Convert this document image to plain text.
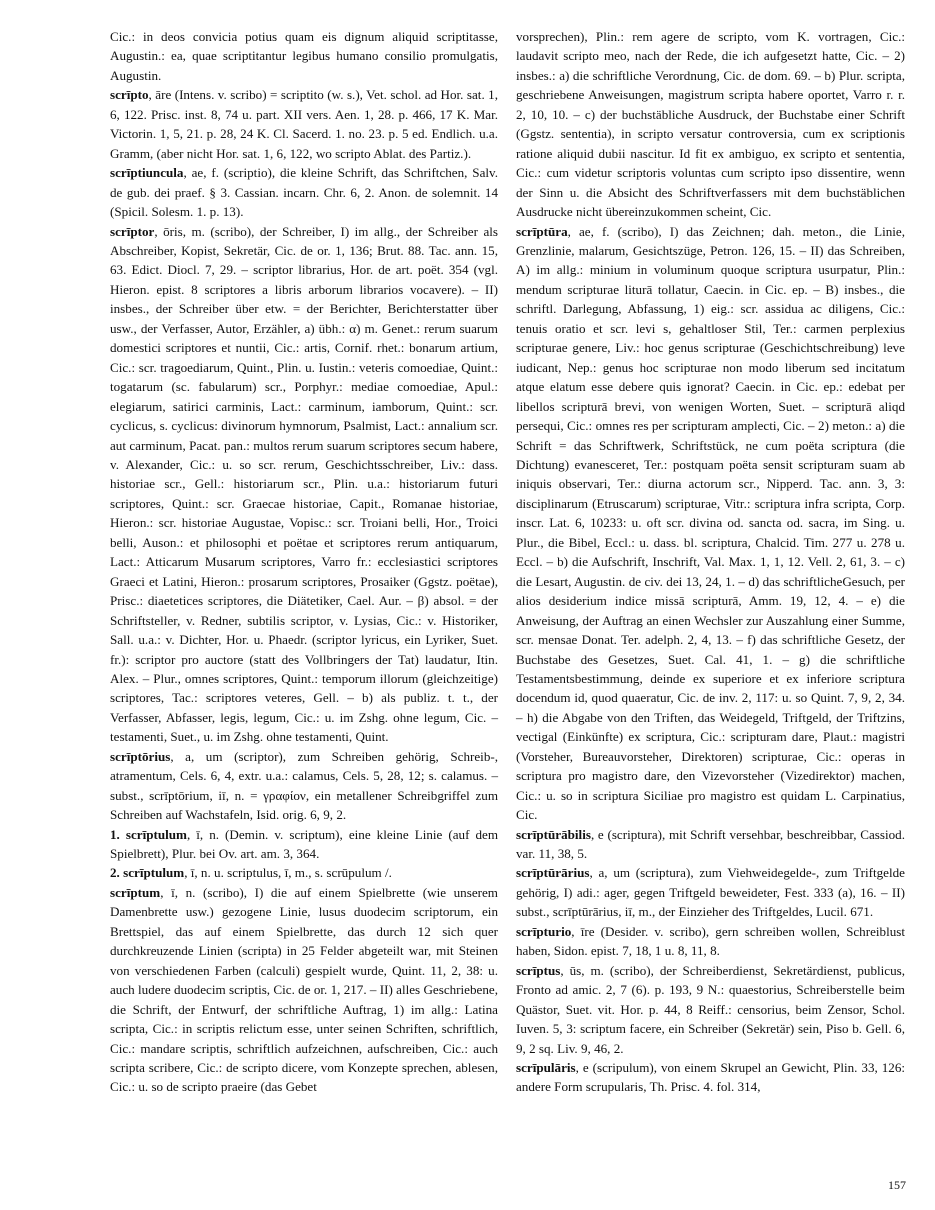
Cic.: in deos convicia potius quam eis dignum aliquid scriptitasse, Augustin.: ea, quae scriptitantur legibus humano consilio promulgatis, Augustin.

scrīpto, āre (Intens. v. scribo) = scriptito (w. s.), Vet. schol. ad Hor. sat. 1, 6, 122. Prisc. inst. 8, 74 u. part. XII vers. Aen. 1, 28. p. 466, 17 K. Mar. Victorin. 1, 5, 21. p. 28, 24 K. Cl. Sacerd. 1. no. 23. p. 5 ed. Endlich. u.a. Gramm, (aber nicht Hor. sat. 1, 6, 122, wo scripto Ablat. des Partiz.).

scrīptiuncula, ae, f. (scriptio), die kleine Schrift, das Schriftchen, Salv. de gub. dei praef. § 3. Cassian. incarn. Chr. 6, 2. Anon. de solemnit. 14 (Spicil. Solesm. 1. p. 13).

scrīptor, ōris, m. (scribo), der Schreiber, I) im allg., der Schreiber als Abschreiber, Kopist, Sekretär, Cic. de or. 1, 136; Brut. 88. Tac. ann. 15, 63. Edict. Diocl. 7, 29. – scriptor librarius, Hor. de art. poët. 354 (vgl. Hieron. epist. 8 scriptores a libris arborum librarios vocavere). – II) insbes., der Schreiber über etw. = der Berichter, Berichterstatter über usw., der Verfasser, Autor, Erzähler, a) übh.: α) m. Genet.: rerum suarum domestici scriptores et nuntii, Cic.: artis, Cornif. rhet.: bonarum artium, Cic.: scr. tragoediarum, Quint., Plin. u. Iustin.: veteris comoediae, Quint.: togatarum (sc. fabularum) scr., Porphyr.: mediae comoediae, Apul.: elegiarum, satirici carminis, Lact.: carminum, iamborum, Quint.: scr. cyclicus, s. cyclicus: divinorum hymnorum, Psalmist, Lact.: annalium scr. aut carminum, Pacat. pan.: multos rerum suarum scriptores secum habere, v. Alexander, Cic.: u. so scr. rerum, Geschichtsschreiber, Liv.: dass. historiae scr., Gell.: historiarum scr., Plin. u.a.: historiarum futuri scriptores, Quint.: scr. Graecae historiae, Capit., Romanae historiae, Hieron.: scr. historiae Augustae, Vopisc.: scr. Troiani belli, Hor., Troici belli, Auson.: et philosophi et poëtae et scriptores rerum antiquarum, Lact.: Atticarum Musarum scriptores, Varro fr.: ecclesiastici scriptores Graeci et Latini, Hieron.: prosarum scriptores, Prosaiker (Ggstz. poëtae), Prisc.: diaetetices scriptores, die Diätetiker, Cael. Aur. – β) absol. = der Schriftsteller, v. Redner, subtilis scriptor, v. Lysias, Cic.: v. Historiker, Sall. u.a.: v. Dichter, Hor. u. Phaedr. (scriptor lyricus, ein Lyriker, Suet. fr.): scriptor pro auctore (statt des Vollbringers der Tat) laudatur, Itin. Alex. – Plur., omnes scriptores, Quint.: temporum illorum (gleichzeitige) scriptores, Tac.: scriptores veteres, Gell. – b) als publiz. t. t., der Verfasser, Abfasser, legis, legum, Cic.: u. im Zshg. ohne legum, Cic. – testamenti, Suet., u. im Zshg. ohne testamenti, Quint.

scrīptōrius, a, um (scriptor), zum Schreiben gehörig, Schreib-, atramentum, Cels. 6, 4, extr. u.a.: calamus, Cels. 5, 28, 12; s. calamus. – subst., scrīptōrium, iī, n. = γραφίον, ein metallener Schreibgriffel zum Schreiben auf Wachstafeln, Isid. orig. 6, 9, 2.

1. scrīptulum, ī, n. (Demin. v. scriptum), eine kleine Linie (auf dem Spielbrett), Plur. bei Ov. art. am. 3, 364.

2. scrīptulum, ī, n. u. scriptulus, ī, m., s. scrūpulum /.

scrīptum, ī, n. (scribo), I) die auf einem Spielbrette (wie unserem Damenbrette usw.) gezogene Linie, lusus duodecim scriptorum, ein Brettspiel, das auf einem Spielbrette, das durch 12 sich quer durchkreuzende Linien (scripta) in 25 Felder abgeteilt war, mit Steinen von verschiedenen Farben (calculi) gespielt wurde, Quint. 11, 2, 38: u. auch ludere duodecim scriptis, Cic. de or. 1, 217. – II) alles Geschriebene, die Schrift, der Entwurf, der schriftliche Auftrag, 1) im allg.: Latina scripta, Cic.: in scriptis relictum esse, unter seinen Schriften, schriftlich, Cic.: mandare scriptis, schriftlich aufzeichnen, aufschreiben, Cic.: auch scripta scribere, Cic.: de scripto dicere, vom Konzepte sprechen, ablesen, Cic.: u. so de scripto praeire (das Gebet

vorsprechen), Plin.: rem agere de scripto, vom K. vortragen, Cic.: laudavit scripto meo, nach der Rede, die ich aufgesetzt hatte, Cic. – 2) insbes.: a) die schriftliche Verordnung, Cic. de dom. 69. – b) Plur. scripta, geschriebene Anweisungen, magistrum scripta habere oportet, Varro r. r. 2, 10, 10. – c) der buchstäbliche Ausdruck, der Buchstabe einer Schrift (Ggstz. sententia), in scripto versatur controversia, cum ex scriptionis ratione aliquid dubii nascitur. Id fit ex ambiguo, ex scripto et sententia, Cic.: cum videtur scriptoris voluntas cum scripto ipso dissentire, wenn der Sinn u. die Absicht des Schriftverfassers mit dem buchstäblichen Ausdrucke nicht übereinzukommen scheint, Cic.

scrīptūra, ae, f. (scribo), I) das Zeichnen; dah. meton., die Linie, Grenzlinie, malarum, Gesichtszüge, Petron. 126, 15. – II) das Schreiben, A) im allg.: minium in voluminum quoque scriptura usurpatur, Plin.: mendum scripturae liturā tollatur, Caecin. in Cic. ep. – B) insbes., die schriftl. Darlegung, Abfassung, 1) eig.: scr. assidua ac diligens, Cic.: tenuis oratio et scr. levi s, gehaltloser Stil, Ter.: carmen perplexius scripturae genere, Liv.: hoc genus scripturae (Geschichtschreibung) leve iudicant, Nep.: genus hoc scripturae non modo liberum sed incitatum atque elatum esse debere quis ignorat? Caecin. in Cic. ep.: edebat per libellos scripturā brevi, von wenigen Worten, Suet. – scripturā aliqd persequi, Cic.: omnes res per scripturam amplecti, Cic. – 2) meton.: a) die Schrift = das Schriftwerk, Schriftstück, ne cum poëta scriptura (die Dichtung) evanesceret, Ter.: postquam poëta sensit scripturam suam ab iniquis observari, Ter.: diurna actorum scr., Nipperd. Tac. ann. 3, 3: disciplinarum (Etruscarum) scripturae, Vitr.: scriptura infra scripta, Corp. inscr. Lat. 6, 10233: u. oft scr. divina od. sancta od. sacra, im Sing. u. Plur., die Bibel, Eccl.: u. dass. bl. scriptura, Chalcid. Tim. 277 u. 278 u. Eccl. – b) die Aufschrift, Inschrift, Val. Max. 1, 1, 12. Vell. 2, 61, 3. – c) die Lesart, Augustin. de civ. dei 13, 24, 1. – d) das schriftlicheGesuch, per alios desiderium indice missā scripturā, Amm. 19, 12, 4. – e) die Anweisung, der Auftrag an einen Wechsler zur Auszahlung einer Summe, scr. mensae Donat. Ter. adelph. 2, 4, 13. – f) das schriftliche Gesetz, der Buchstabe des Gesetzes, Suet. Cal. 41, 1. – g) die schriftliche Testamentsbestimmung, deinde ex superiore et ex inferiore scriptura docendum id, quod quaeratur, Cic. de inv. 2, 117: u. so Quint. 7, 9, 2, 34. – h) die Abgabe von den Triften, das Weidegeld, Triftgeld, der Triftzins, vectigal (Einkünfte) ex scriptura, Cic.: scripturam dare, Plaut.: magistri (Vorsteher, Bureauvorsteher, Direktoren) scripturae, Cic.: operas in scriptura pro magistro dare, den Vizevorsteher (Vizedirektor) machen, Cic.: u. so in scriptura Siciliae pro magistro est quidam L. Carpinatius, Cic.

scrīptūrābilis, e (scriptura), mit Schrift versehbar, beschreibbar, Cassiod. var. 11, 38, 5.

scrīptūrārius, a, um (scriptura), zum Viehweidegelde-, zum Triftgelde gehörig, I) adi.: ager, gegen Triftgeld beweideter, Fest. 333 (a), 16. – II) subst., scrīptūrārius, iī, m., der Einzieher des Triftgeldes, Lucil. 671.

scrīpturio, īre (Desider. v. scribo), gern schreiben wollen, Schreiblust haben, Sidon. epist. 7, 18, 1 u. 8, 11, 8.

scrīptus, ūs, m. (scribo), der Schreiberdienst, Sekretärdienst, publicus, Fronto ad amic. 2, 7 (6). p. 193, 9 N.: quaestorius, Schreiberstelle beim Quästor, Suet. vit. Hor. p. 44, 8 Reiff.: censorius, beim Zensor, Schol. Iuven. 5, 3: scriptum facere, ein Schreiber (Sekretär) sein, Piso b. Gell. 6, 9, 2 sq. Liv. 9, 46, 2.

scrīpulāris, e (scripulum), von einem Skrupel an Gewicht, Plin. 33, 126: andere Form scrupularis, Th. Prisc. 4. fol. 314,

157
